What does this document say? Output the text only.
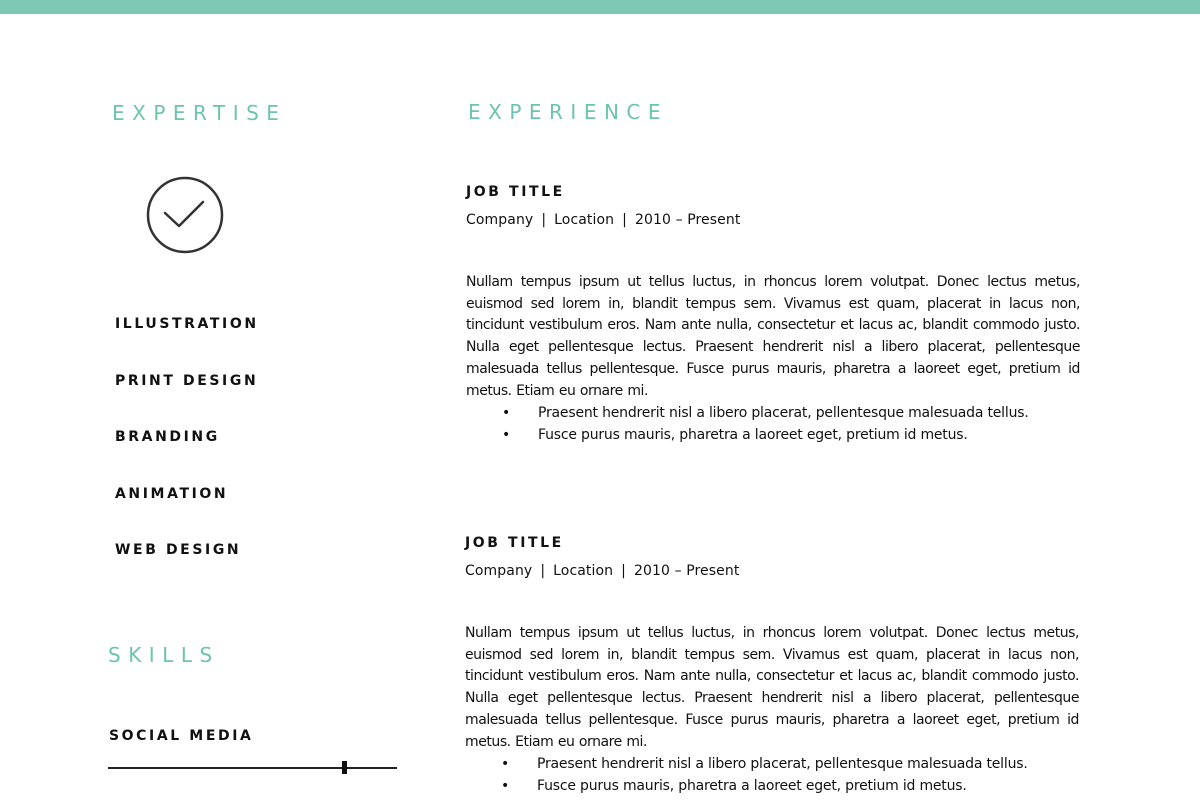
EXPERTISE
ILLUSTRATION
PRINT DESIGN
BRANDING
ANIMATION
WEB DESIGN
SKILLS
SOCIAL MEDIA
EXPERIENCE
JOB TITLE

Company | Location | 2010 – Present

Nullam tempus ipsum ut tellus luctus, in rhoncus lorem volutpat. Donec lectus metus, euismod sed lorem in, blandit tempus sem. Vivamus est quam, placerat in lacus non, tincidunt vestibulum eros. Nam ante nulla, consectetur et lacus ac, blandit commodo justo. Nulla eget pellentesque lectus. Praesent hendrerit nisl a libero placerat, pellentesque malesuada tellus pellentesque. Fusce purus mauris, pharetra a laoreet eget, pretium id metus. Etiam eu ornare mi.

• Praesent hendrerit nisl a libero placerat, pellentesque malesuada tellus.
• Fusce purus mauris, pharetra a laoreet eget, pretium id metus.
JOB TITLE

Company | Location | 2010 – Present

Nullam tempus ipsum ut tellus luctus, in rhoncus lorem volutpat. Donec lectus metus, euismod sed lorem in, blandit tempus sem. Vivamus est quam, placerat in lacus non, tincidunt vestibulum eros. Nam ante nulla, consectetur et lacus ac, blandit commodo justo. Nulla eget pellentesque lectus. Praesent hendrerit nisl a libero placerat, pellentesque malesuada tellus pellentesque. Fusce purus mauris, pharetra a laoreet eget, pretium id metus. Etiam eu ornare mi.

• Praesent hendrerit nisl a libero placerat, pellentesque malesuada tellus.
• Fusce purus mauris, pharetra a laoreet eget, pretium id metus.
